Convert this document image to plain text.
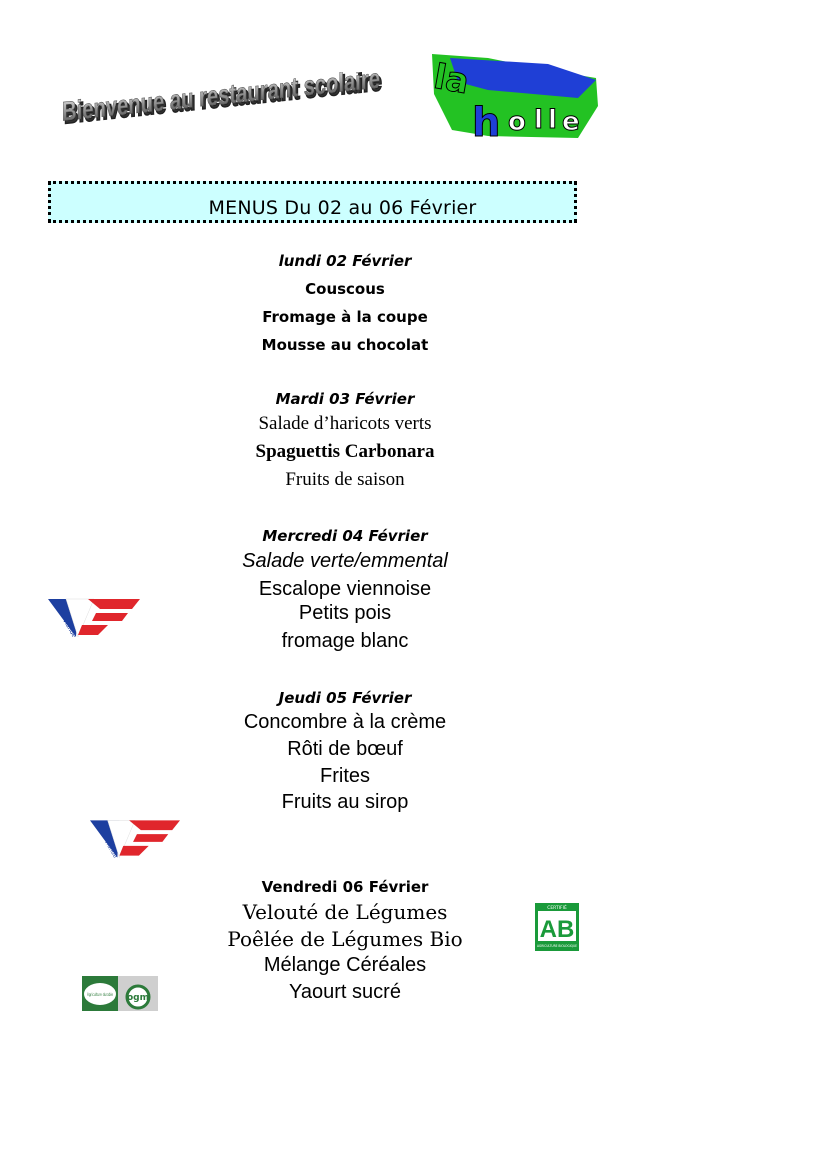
Bienvenue au restaurant scolaire
Bienvenue au restaurant scolaire
la
h o l l e
La Halle
MENUS Du 02 au 06 Février
lundi 02 Février
Couscous
Fromage à la coupe
Mousse au chocolat
Mardi 03 Février
Salade d’haricots verts
Spaguettis Carbonara
Fruits de saison
Mercredi 04 Février
Salade verte/emmental
Escalope viennoise
Petits pois
fromage blanc
Jeudi 05 Février
Concombre à la crème
Rôti de bœuf
Frites
Fruits au sirop
Vendredi 06 Février
Velouté de Légumes
Poêlée de Légumes Bio
Mélange Céréales
Yaourt sucré
CERTIFIÉ
AB
AGRICULTURE BIOLOGIQUE
Agriculture durable ogm
